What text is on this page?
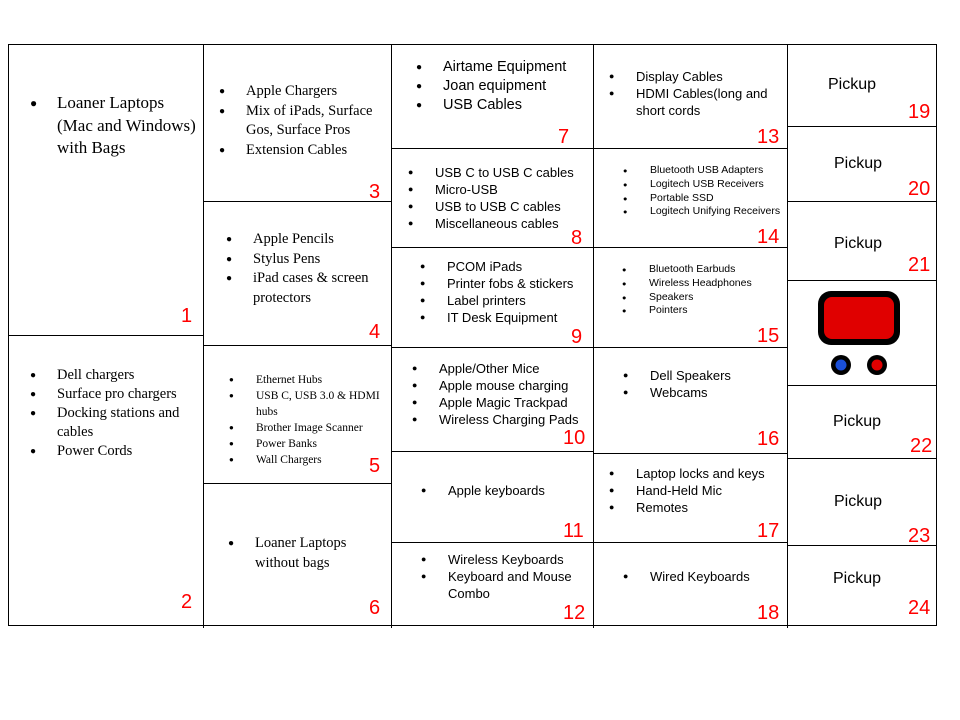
● Loaner Laptops (Mac and Windows) with Bags
1
● Dell chargers
● Surface pro chargers
● Docking stations and cables
● Power Cords
2
● Apple Chargers
● Mix of iPads, Surface Gos, Surface Pros
● Extension Cables
3
● Apple Pencils
● Stylus Pens
● iPad cases & screen protectors
4
● Ethernet Hubs
● USB C, USB 3.0 & HDMI hubs
● Brother Image Scanner
● Power Banks
● Wall Chargers	5
● Loaner Laptops without bags
6
● Airtame Equipment
● Joan equipment
● USB Cables
7
● USB C to USB C cables
● Micro-USB
● USB to USB C cables
● Miscellaneous cables
8
● PCOM iPads
● Printer fobs & stickers
● Label printers
● IT Desk Equipment
9
● Apple/Other Mice
● Apple mouse charging
● Apple Magic Trackpad
● Wireless Charging Pads
10
● Apple keyboards
11
● Wireless Keyboards
● Keyboard and Mouse Combo
12
● Display Cables
● HDMI Cables(long and short cords
13
● Bluetooth USB Adapters
● Logitech USB Receivers
● Portable SSD
● Logitech Unifying Receivers
14
● Bluetooth Earbuds
● Wireless Headphones
● Speakers
● Pointers
15
● Dell Speakers
● Webcams
16
● Laptop locks and keys
● Hand-Held Mic
● Remotes
17
● Wired Keyboards
18
Pickup
19
Pickup
20
Pickup
21
Pickup
22
Pickup
23
Pickup
24
